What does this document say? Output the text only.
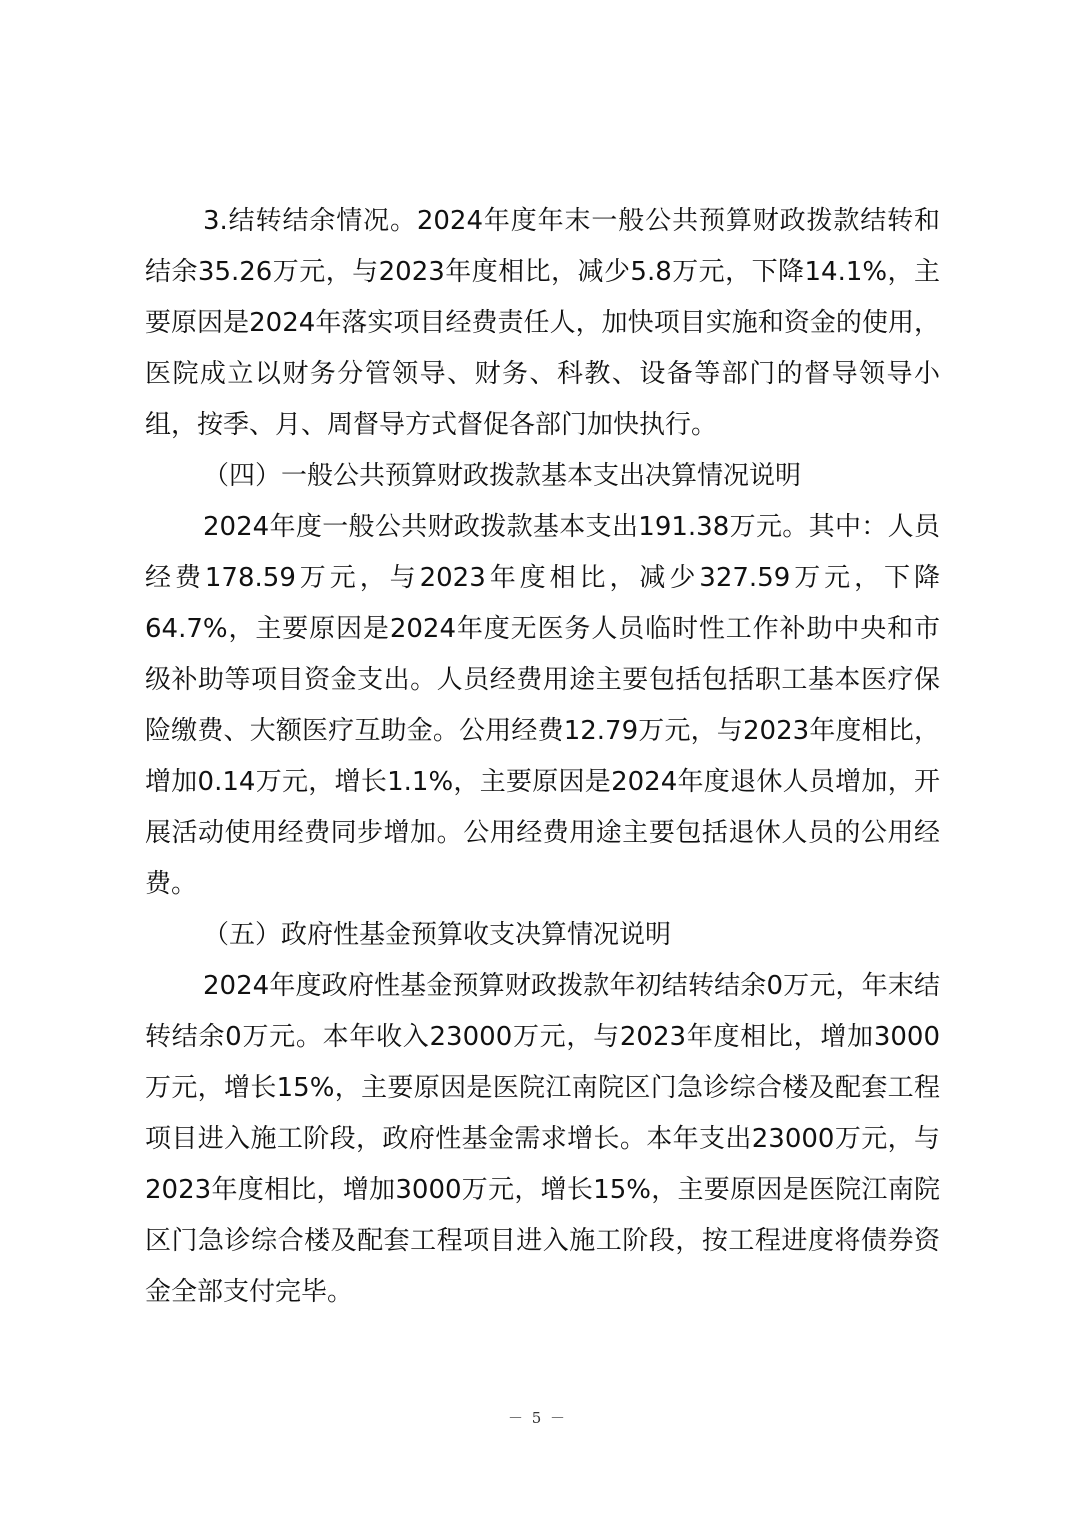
3.结转结余情况。2024年度年末一般公共预算财政拨款结转和结余35.26万元，与2023年度相比，减少5.8万元，下降14.1%，主要原因是2024年落实项目经费责任人，加快项目实施和资金的使用，医院成立以财务分管领导、财务、科教、设备等部门的督导领导小组，按季、月、周督导方式督促各部门加快执行。

（四）一般公共预算财政拨款基本支出决算情况说明

2024年度一般公共财政拨款基本支出191.38万元。其中：人员经费178.59万元，与2023年度相比，减少327.59万元，下降64.7%，主要原因是2024年度无医务人员临时性工作补助中央和市级补助等项目资金支出。人员经费用途主要包括包括职工基本医疗保险缴费、大额医疗互助金。公用经费12.79万元，与2023年度相比，增加0.14万元，增长1.1%，主要原因是2024年度退休人员增加，开展活动使用经费同步增加。公用经费用途主要包括退休人员的公用经费。

（五）政府性基金预算收支决算情况说明

2024年度政府性基金预算财政拨款年初结转结余0万元，年末结转结余0万元。本年收入23000万元，与2023年度相比，增加3000万元，增长15%，主要原因是医院江南院区门急诊综合楼及配套工程项目进入施工阶段，政府性基金需求增长。本年支出23000万元，与2023年度相比，增加3000万元，增长15%，主要原因是医院江南院区门急诊综合楼及配套工程项目进入施工阶段，按工程进度将债券资金全部支付完毕。

－ 5 －
